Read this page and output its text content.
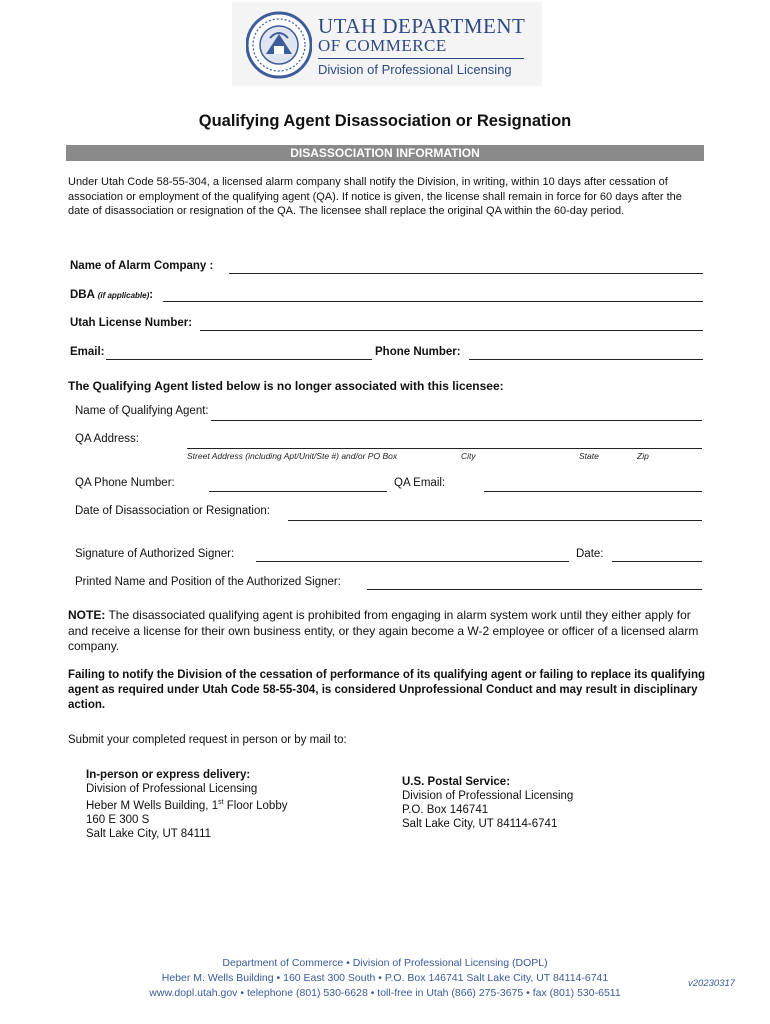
UTAH DEPARTMENT
OF COMMERCE
Division of Professional Licensing
Qualifying Agent Disassociation or Resignation
DISASSOCIATION INFORMATION
Under Utah Code 58-55-304, a licensed alarm company shall notify the Division, in writing, within 10 days after cessation of association or employment of the qualifying agent (QA). If notice is given, the license shall remain in force for 60 days after the date of disassociation or resignation of the QA. The licensee shall replace the original QA within the 60-day period.
Name of Alarm Company :
DBA (if applicable):
Utah License Number:
Email:	Phone Number:
The Qualifying Agent listed below is no longer associated with this licensee:
Name of Qualifying Agent:
QA Address:
Street Address (including Apt/Unit/Ste #) and/or PO Box	City	State	Zip
QA Phone Number:	QA Email:
Date of Disassociation or Resignation:
Signature of Authorized Signer:	Date:
Printed Name and Position of the Authorized Signer:
NOTE: The disassociated qualifying agent is prohibited from engaging in alarm system work until they either apply for and receive a license for their own business entity, or they again become a W-2 employee or officer of a licensed alarm company.
Failing to notify the Division of the cessation of performance of its qualifying agent or failing to replace its qualifying agent as required under Utah Code 58-55-304, is considered Unprofessional Conduct and may result in disciplinary action.
Submit your completed request in person or by mail to:
In-person or express delivery:
Division of Professional Licensing
Heber M Wells Building, 1st Floor Lobby
160 E 300 S
Salt Lake City, UT 84111
U.S. Postal Service:
Division of Professional Licensing
P.O. Box 146741
Salt Lake City, UT 84114-6741
Department of Commerce • Division of Professional Licensing (DOPL)
Heber M. Wells Building • 160 East 300 South • P.O. Box 146741 Salt Lake City, UT 84114-6741
www.dopl.utah.gov • telephone (801) 530-6628 • toll-free in Utah (866) 275-3675 • fax (801) 530-6511
v20230317
